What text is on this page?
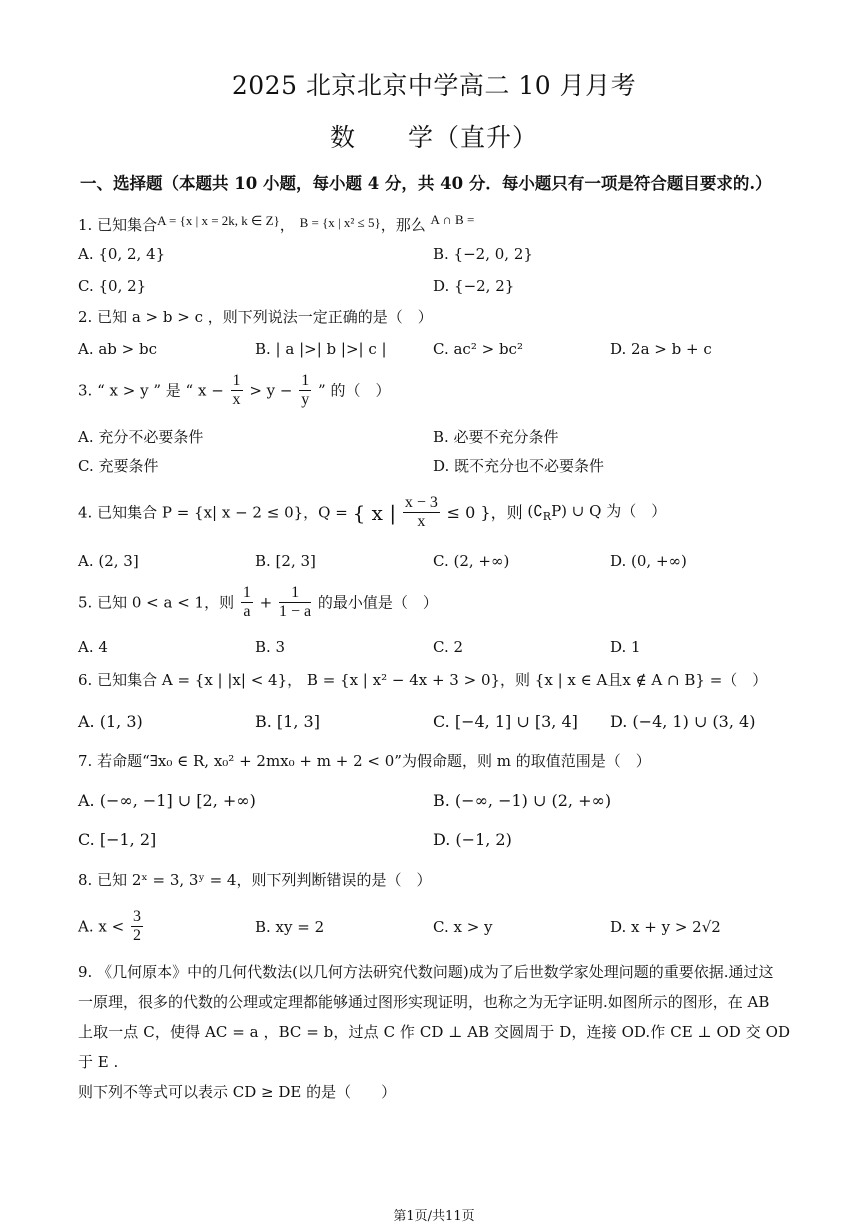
2025 北京北京中学高二 10 月月考
数　　学（直升）
一、选择题（本题共 10 小题，每小题 4 分，共 40 分．每小题只有一项是符合题目要求的.）
1. 已知集合A = {x | x = 2k, k ∈ Z}， B = {x | x² ≤ 5}，那么 A ∩ B =
A. {0, 2, 4}	B. {−2, 0, 2}
C. {0, 2}	D. {−2, 2}
2. 已知 a > b > c ，则下列说法一定正确的是（　）
A. ab > bc	B. | a |>| b |>| c |	C. ac² > bc²	D. 2a > b + c
3. “ x > y ” 是 “ $x - \frac{1}{x} > y - \frac{1}{y}$ ” 的（　）
A. 充分不必要条件	B. 必要不充分条件
C. 充要条件	D. 既不充分也不必要条件
4. 已知集合 P = {x| x − 2 ≤ 0}，Q = { x | $\frac{x - 3}{x} \le 0$ }，则 $(∁_RP)$ ∪ Q 为（　）
A. (2, 3]	B. [2, 3]	C. (2, +∞)	D. (0, +∞)
5. 已知 0 < a < 1，则 $\frac{1}{a} + \frac{1}{1 - a}$ 的最小值是（　）
A. 4	B. 3	C. 2	D. 1
6. 已知集合 A = {x | |x| < 4}， B = {x | x² − 4x + 3 > 0}，则 {x | x ∈ A且x ∉ A ∩ B} =（　）
A. (1, 3)	B. [1, 3]	C. [−4, 1] ∪ [3, 4] D. (−4, 1) ∪ (3, 4)
7. 若命题“∃x₀ ∈ R, x₀² + 2mx₀ + m + 2 < 0”为假命题，则 m 的取值范围是（　）
A. (−∞, −1] ∪ [2, +∞)	B. (−∞, −1) ∪ (2, +∞)
C. [−1, 2]	D. (−1, 2)
8. 已知 2ˣ = 3, 3ʸ = 4，则下列判断错误的是（　）
A. $x < \frac{3}{2}$	B. xy = 2	C. x > y	D. x + y > 2√2
9. 《几何原本》中的几何代数法(以几何方法研究代数问题)成为了后世数学家处理问题的重要依据.通过这
一原理，很多的代数的公理或定理都能够通过图形实现证明，也称之为无字证明.如图所示的图形，在 AB
上取一点 C，使得 AC = a ，BC = b，过点 C 作 CD ⊥ AB 交圆周于 D，连接 OD.作 CE ⊥ OD 交 OD 于 E .
则下列不等式可以表示 CD ≥ DE 的是（　　）
第1页/共11页
